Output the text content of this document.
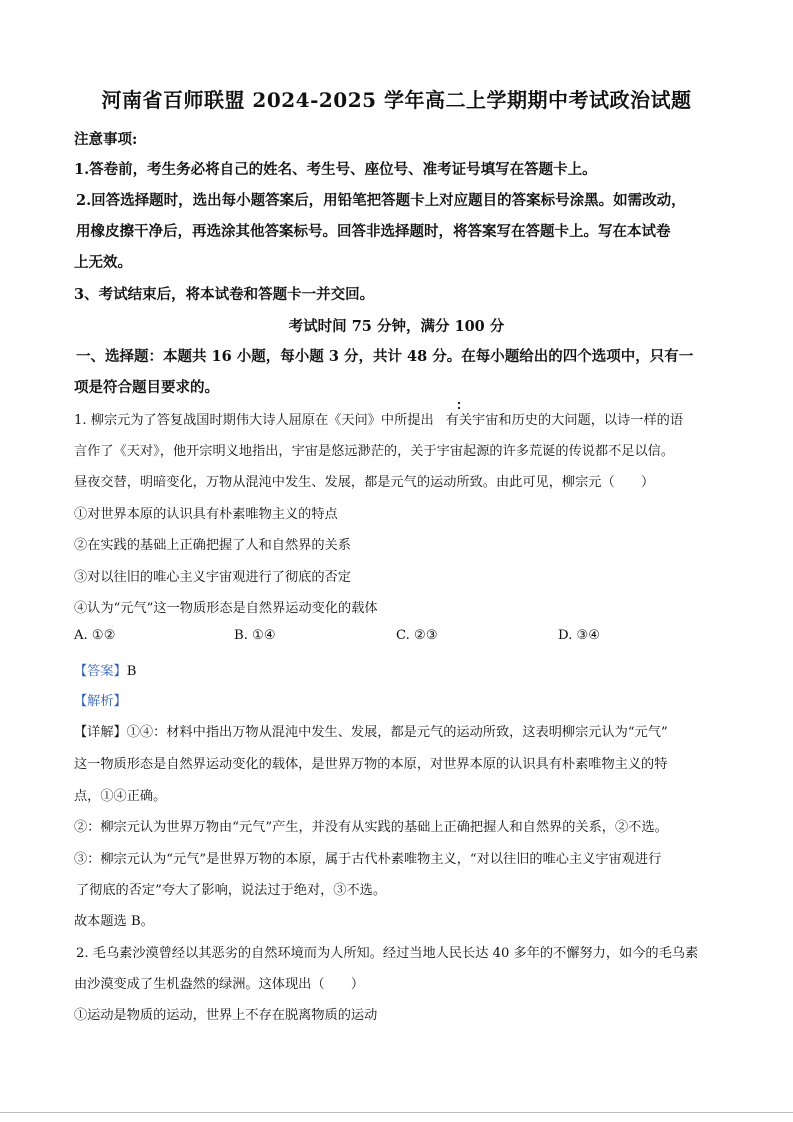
河南省百师联盟 2024-2025 学年高二上学期期中考试政治试题
注意事项:
1.答卷前，考生务必将自己的姓名、考生号、座位号、准考证号填写在答题卡上。
2.回答选择题时，选出每小题答案后，用铅笔把答题卡上对应题目的答案标号涂黑。如需改动，
用橡皮擦干净后，再选涂其他答案标号。回答非选择题时，将答案写在答题卡上。写在本试卷
上无效。
3、考试结束后，将本试卷和答题卡一并交回。
考试时间 75 分钟，满分 100 分
一、选择题：本题共 16 小题，每小题 3 分，共计 48 分。在每小题给出的四个选项中，只有一
项是符合题目要求的。
1. 柳宗元为了答复战国时期伟大诗人屈原在《天问》中所提出 有关宇宙和历史的大问题，以诗一样的语
言作了《天对》，他开宗明义地指出，宇宙是悠远渺茫的，关于宇宙起源的许多荒诞的传说都不足以信。
昼夜交替，明暗变化，万物从混沌中发生、发展，都是元气的运动所致。由此可见，柳宗元（　　）
①对世界本原的认识具有朴素唯物主义的特点
②在实践的基础上正确把握了人和自然界的关系
③对以往旧的唯心主义宇宙观进行了彻底的否定
④认为“元气”这一物质形态是自然界运动变化的载体
A. ①②	B. ①④	C. ②③	D. ③④
【答案】B
【解析】
【详解】①④：材料中指出万物从混沌中发生、发展，都是元气的运动所致，这表明柳宗元认为“元气”
这一物质形态是自然界运动变化的载体，是世界万物的本原，对世界本原的认识具有朴素唯物主义的特
点，①④正确。
②：柳宗元认为世界万物由“元气”产生，并没有从实践的基础上正确把握人和自然界的关系，②不选。
③：柳宗元认为“元气”是世界万物的本原，属于古代朴素唯物主义，“对以往旧的唯心主义宇宙观进行
了彻底的否定”夸大了影响，说法过于绝对，③不选。
故本题选 B。
2. 毛乌素沙漠曾经以其恶劣的自然环境而为人所知。经过当地人民长达 40 多年的不懈努力，如今的毛乌素
由沙漠变成了生机盎然的绿洲。这体现出（　　）
①运动是物质的运动，世界上不存在脱离物质的运动
